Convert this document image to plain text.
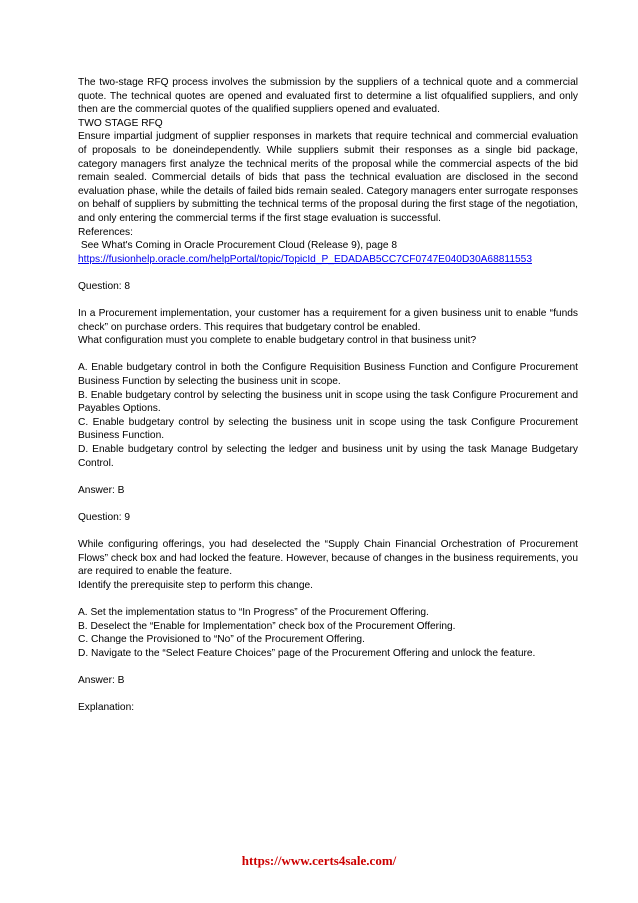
The two-stage RFQ process involves the submission by the suppliers of a technical quote and a commercial quote. The technical quotes are opened and evaluated first to determine a list ofqualified suppliers, and only then are the commercial quotes of the qualified suppliers opened and evaluated.

TWO STAGE RFQ

Ensure impartial judgment of supplier responses in markets that require technical and commercial evaluation of proposals to be doneindependently. While suppliers submit their responses as a single bid package, category managers first analyze the technical merits of the proposal while the commercial aspects of the bid remain sealed. Commercial details of bids that pass the technical evaluation are disclosed in the second evaluation phase, while the details of failed bids remain sealed. Category managers enter surrogate responses on behalf of suppliers by submitting the technical terms of the proposal during the first stage of the negotiation, and only entering the commercial terms if the first stage evaluation is successful.

References:

See What's Coming in Oracle Procurement Cloud (Release 9), page 8

https://fusionhelp.oracle.com/helpPortal/topic/TopicId_P_EDADAB5CC7CF0747E040D30A68811553

Question: 8

In a Procurement implementation, your customer has a requirement for a given business unit to enable “funds check” on purchase orders. This requires that budgetary control be enabled.

What configuration must you complete to enable budgetary control in that business unit?

A. Enable budgetary control in both the Configure Requisition Business Function and Configure Procurement Business Function by selecting the business unit in scope.

B. Enable budgetary control by selecting the business unit in scope using the task Configure Procurement and Payables Options.

C. Enable budgetary control by selecting the business unit in scope using the task Configure Procurement Business Function.

D. Enable budgetary control by selecting the ledger and business unit by using the task Manage Budgetary Control.

Answer: B

Question: 9

While configuring offerings, you had deselected the “Supply Chain Financial Orchestration of Procurement Flows” check box and had locked the feature. However, because of changes in the business requirements, you are required to enable the feature.

Identify the prerequisite step to perform this change.

A. Set the implementation status to “In Progress” of the Procurement Offering.

B. Deselect the “Enable for Implementation” check box of the Procurement Offering.

C. Change the Provisioned to “No” of the Procurement Offering.

D. Navigate to the “Select Feature Choices” page of the Procurement Offering and unlock the feature.

Answer: B

Explanation:

https://www.certs4sale.com/
